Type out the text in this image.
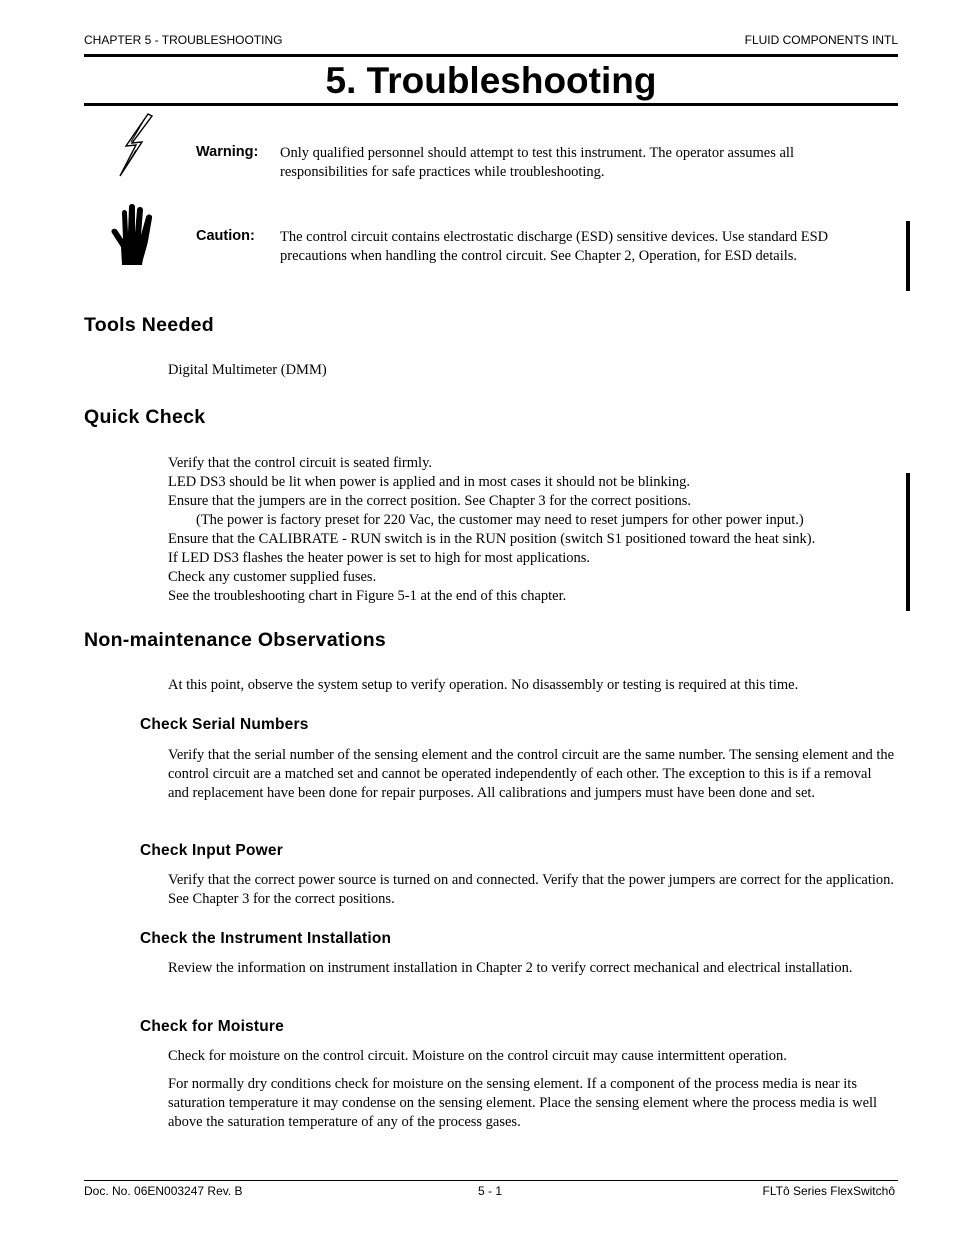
CHAPTER 5 - TROUBLESHOOTING	FLUID COMPONENTS INTL
5. Troubleshooting
Warning: Only qualified personnel should attempt to test this instrument. The operator assumes all responsibilities for safe practices while troubleshooting.
Caution: The control circuit contains electrostatic discharge (ESD) sensitive devices. Use standard ESD precautions when handling the control circuit. See Chapter 2, Operation, for ESD details.
Tools Needed
Digital Multimeter (DMM)
Quick Check
Verify that the control circuit is seated firmly.
LED DS3 should be lit when power is applied and in most cases it should not be blinking.
Ensure that the jumpers are in the correct position. See Chapter 3 for the correct positions.
(The power is factory preset for 220 Vac, the customer may need to reset jumpers for other power input.)
Ensure that the CALIBRATE - RUN switch is in the RUN position (switch S1 positioned toward the heat sink).
If LED DS3 flashes the heater power is set to high for most applications.
Check any customer supplied fuses.
See the troubleshooting chart in Figure 5-1 at the end of this chapter.
Non-maintenance Observations
At this point, observe the system setup to verify operation. No disassembly or testing is required at this time.
Check Serial Numbers
Verify that the serial number of the sensing element and the control circuit are the same number. The sensing element and the control circuit are a matched set and cannot be operated independently of each other. The exception to this is if a removal and replacement have been done for repair purposes. All calibrations and jumpers must have been done and set.
Check Input Power
Verify that the correct power source is turned on and connected. Verify that the power jumpers are correct for the application. See Chapter 3 for the correct positions.
Check the Instrument Installation
Review the information on instrument installation in Chapter 2 to verify correct mechanical and electrical installation.
Check for Moisture
Check for moisture on the control circuit. Moisture on the control circuit may cause intermittent operation.
For normally dry conditions check for moisture on the sensing element. If a component of the process media is near its saturation temperature it may condense on the sensing element. Place the sensing element where the process media is well above the saturation temperature of any of the process gases.
Doc. No. 06EN003247 Rev. B	5 - 1	FLTô Series FlexSwitchô
